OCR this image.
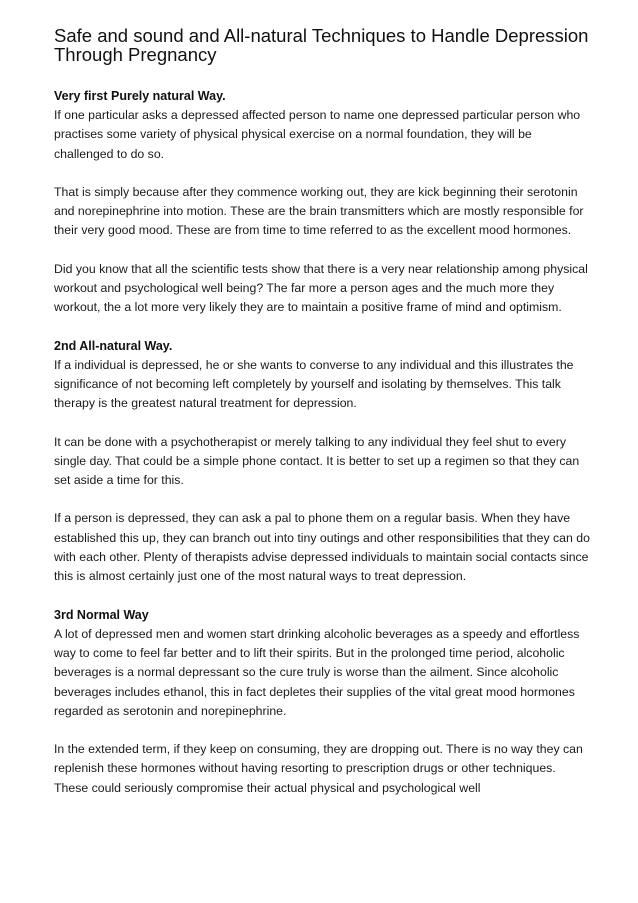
Safe and sound and All-natural Techniques to Handle Depression Through Pregnancy

Very first Purely natural Way.

If one particular asks a depressed affected person to name one depressed particular person who practises some variety of physical physical exercise on a normal foundation, they will be challenged to do so.

That is simply because after they commence working out, they are kick beginning their serotonin and norepinephrine into motion. These are the brain transmitters which are mostly responsible for their very good mood. These are from time to time referred to as the excellent mood hormones.

Did you know that all the scientific tests show that there is a very near relationship among physical workout and psychological well being? The far more a person ages and the much more they workout, the a lot more very likely they are to maintain a positive frame of mind and optimism.

2nd All-natural Way.

If a individual is depressed, he or she wants to converse to any individual and this illustrates the significance of not becoming left completely by yourself and isolating by themselves. This talk therapy is the greatest natural treatment for depression.

It can be done with a psychotherapist or merely talking to any individual they feel shut to every single day. That could be a simple phone contact. It is better to set up a regimen so that they can set aside a time for this.

If a person is depressed, they can ask a pal to phone them on a regular basis. When they have established this up, they can branch out into tiny outings and other responsibilities that they can do with each other. Plenty of therapists advise depressed individuals to maintain social contacts since this is almost certainly just one of the most natural ways to treat depression.

3rd Normal Way

A lot of depressed men and women start drinking alcoholic beverages as a speedy and effortless way to come to feel far better and to lift their spirits. But in the prolonged time period, alcoholic beverages is a normal depressant so the cure truly is worse than the ailment. Since alcoholic beverages includes ethanol, this in fact depletes their supplies of the vital great mood hormones regarded as serotonin and norepinephrine.

In the extended term, if they keep on consuming, they are dropping out. There is no way they can replenish these hormones without having resorting to prescription drugs or other techniques. These could seriously compromise their actual physical and psychological well
